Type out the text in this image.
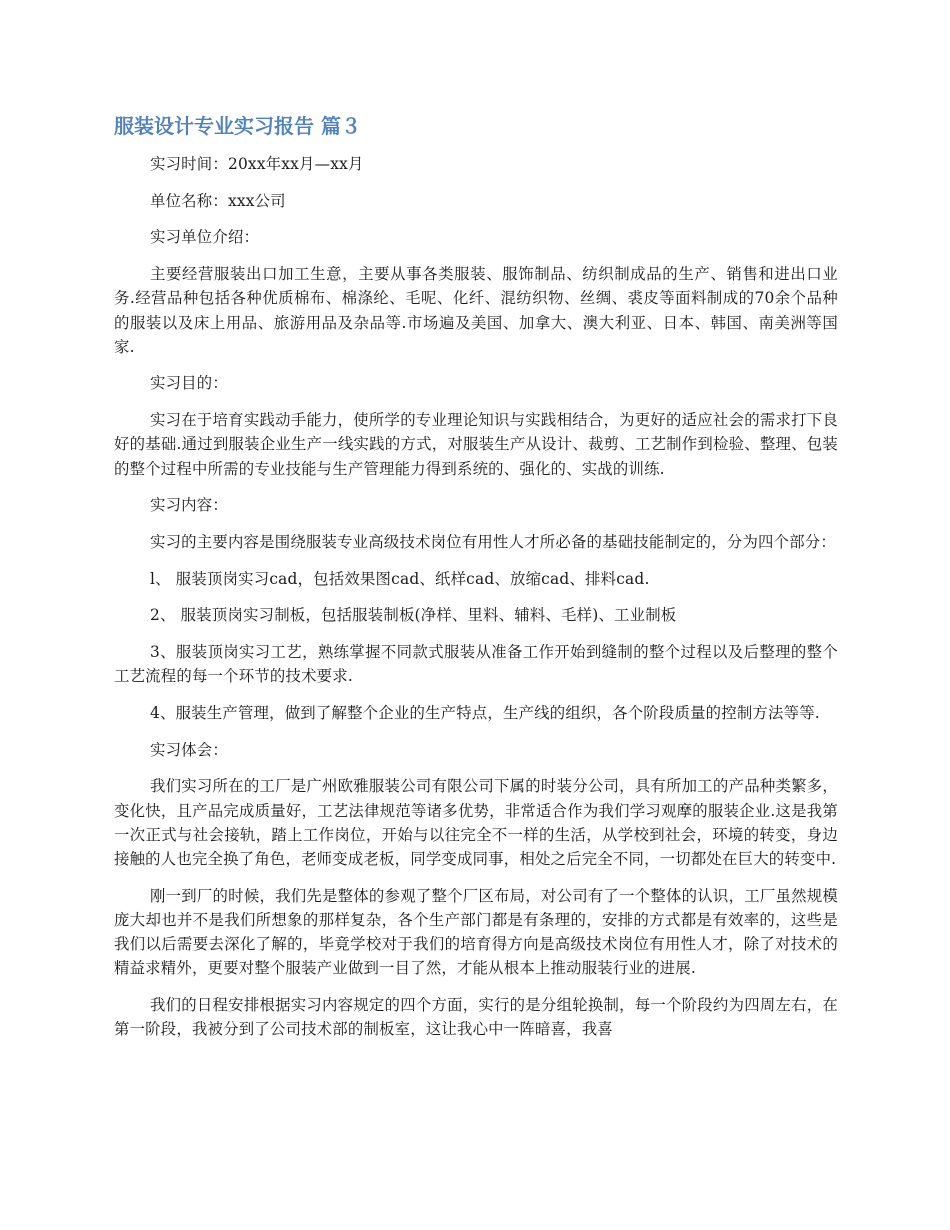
服装设计专业实习报告 篇３

实习时间：20xx年xx月—xx月

单位名称：xxx公司

实习单位介绍：

主要经营服装出口加工生意，主要从事各类服装、服饰制品、纺织制成品的生产、销售和进出口业务.经营品种包括各种优质棉布、棉涤纶、毛呢、化纤、混纺织物、丝绸、裘皮等面料制成的70余个品种的服装以及床上用品、旅游用品及杂品等.市场遍及美国、加拿大、澳大利亚、日本、韩国、南美洲等国家.

实习目的：

实习在于培育实践动手能力，使所学的专业理论知识与实践相结合，为更好的适应社会的需求打下良好的基础.通过到服装企业生产一线实践的方式，对服装生产从设计、裁剪、工艺制作到检验、整理、包装的整个过程中所需的专业技能与生产管理能力得到系统的、强化的、实战的训练.

实习内容：

实习的主要内容是围绕服装专业高级技术岗位有用性人才所必备的基础技能制定的，分为四个部分：

l、 服装顶岗实习cad，包括效果图cad、纸样cad、放缩cad、排料cad.

2、 服装顶岗实习制板，包括服装制板(净样、里料、辅料、毛样)、工业制板

3、服装顶岗实习工艺，熟练掌握不同款式服装从准备工作开始到缝制的整个过程以及后整理的整个工艺流程的每一个环节的技术要求.

4、服装生产管理，做到了解整个企业的生产特点，生产线的组织，各个阶段质量的控制方法等等.

实习体会：

我们实习所在的工厂是广州欧雅服装公司有限公司下属的时装分公司，具有所加工的产品种类繁多，变化快，且产品完成质量好，工艺法律规范等诸多优势，非常适合作为我们学习观摩的服装企业.这是我第一次正式与社会接轨，踏上工作岗位，开始与以往完全不一样的生活，从学校到社会，环境的转变，身边接触的人也完全换了角色，老师变成老板，同学变成同事，相处之后完全不同，一切都处在巨大的转变中.

刚一到厂的时候，我们先是整体的参观了整个厂区布局，对公司有了一个整体的认识，工厂虽然规模庞大却也并不是我们所想象的那样复杂，各个生产部门都是有条理的，安排的方式都是有效率的，这些是我们以后需要去深化了解的，毕竟学校对于我们的培育得方向是高级技术岗位有用性人才，除了对技术的精益求精外，更要对整个服装产业做到一目了然，才能从根本上推动服装行业的进展.

我们的日程安排根据实习内容规定的四个方面，实行的是分组轮换制，每一个阶段约为四周左右，在第一阶段，我被分到了公司技术部的制板室，这让我心中一阵暗喜，我喜
